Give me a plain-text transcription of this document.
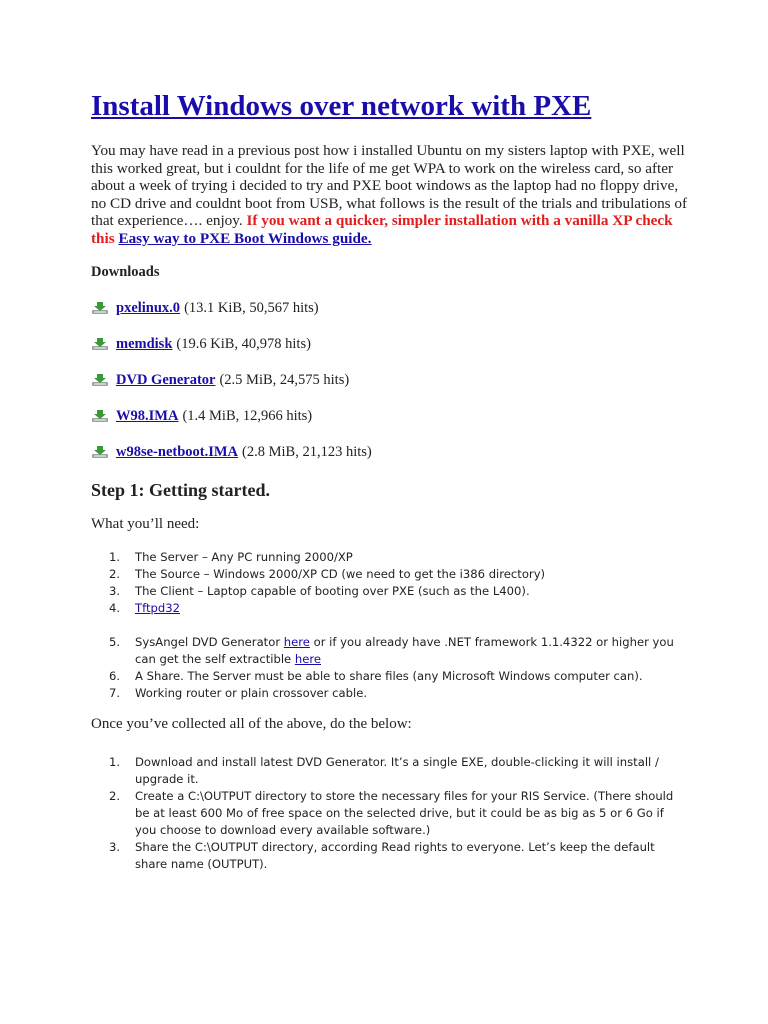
Install Windows over network with PXE

You may have read in a previous post how i installed Ubuntu on my sisters laptop with PXE, well this worked great, but i couldnt for the life of me get WPA to work on the wireless card, so after about a week of trying i decided to try and PXE boot windows as the laptop had no floppy drive, no CD drive and couldnt boot from USB, what follows is the result of the trials and tribulations of that experience…. enjoy. If you want a quicker, simpler installation with a vanilla XP check this Easy way to PXE Boot Windows guide.

Downloads

pxelinux.0 (13.1 KiB, 50,567 hits)
memdisk (19.6 KiB, 40,978 hits)
DVD Generator (2.5 MiB, 24,575 hits)
W98.IMA (1.4 MiB, 12,966 hits)
w98se-netboot.IMA (2.8 MiB, 21,123 hits)
Step 1: Getting started.

What you’ll need:

1.	The Server – Any PC running 2000/XP
2.	The Source – Windows 2000/XP CD (we need to get the i386 directory)
3.	The Client – Laptop capable of booting over PXE (such as the L400).
4.	Tftpd32
5.	SysAngel DVD Generator here or if you already have .NET framework 1.1.4322 or higher you can get the self extractible here
6.	A Share. The Server must be able to share files (any Microsoft Windows computer can).
7.	Working router or plain crossover cable.

Once you’ve collected all of the above, do the below:

1.	Download and install latest DVD Generator. It’s a single EXE, double-clicking it will install / upgrade it.
2.	Create a C:\OUTPUT directory to store the necessary files for your RIS Service. (There should be at least 600 Mo of free space on the selected drive, but it could be as big as 5 or 6 Go if you choose to download every available software.)
3.	Share the C:\OUTPUT directory, according Read rights to everyone. Let’s keep the default share name (OUTPUT).
